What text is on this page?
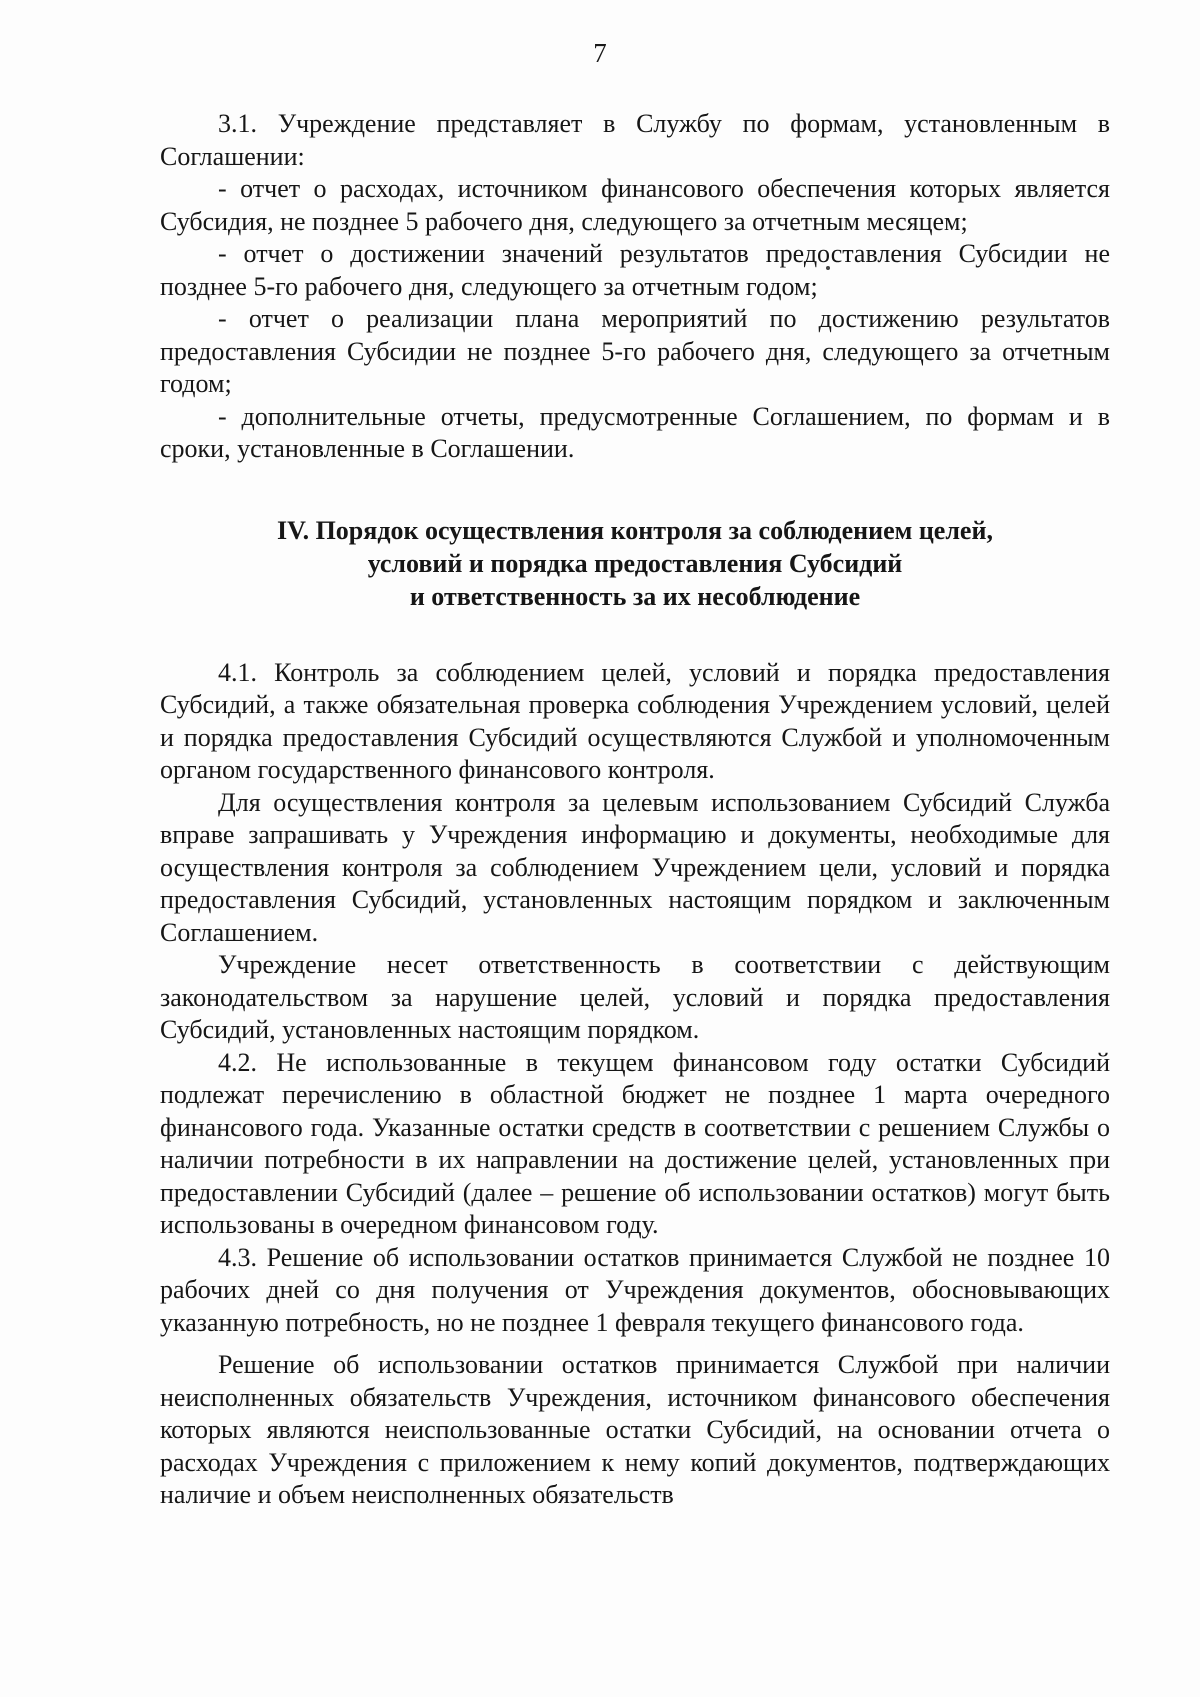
7

3.1. Учреждение представляет в Службу по формам, установленным в Соглашении:

- отчет о расходах, источником финансового обеспечения которых является Субсидия, не позднее 5 рабочего дня, следующего за отчетным месяцем;

- отчет о достижении значений результатов предоставления Субсидии не позднее 5-го рабочего дня, следующего за отчетным годом;

- отчет о реализации плана мероприятий по достижению результатов предоставления Субсидии не позднее 5-го рабочего дня, следующего за отчетным годом;

- дополнительные отчеты, предусмотренные Соглашением, по формам и в сроки, установленные в Соглашении.

IV. Порядок осуществления контроля за соблюдением целей,
условий и порядка предоставления Субсидий
и ответственность за их несоблюдение

4.1. Контроль за соблюдением целей, условий и порядка предоставления Субсидий, а также обязательная проверка соблюдения Учреждением условий, целей и порядка предоставления Субсидий осуществляются Службой и уполномоченным органом государственного финансового контроля.

Для осуществления контроля за целевым использованием Субсидий Служба вправе запрашивать у Учреждения информацию и документы, необходимые для осуществления контроля за соблюдением Учреждением цели, условий и порядка предоставления Субсидий, установленных настоящим порядком и заключенным Соглашением.

Учреждение несет ответственность в соответствии с действующим законодательством за нарушение целей, условий и порядка предоставления Субсидий, установленных настоящим порядком.

4.2. Не использованные в текущем финансовом году остатки Субсидий подлежат перечислению в областной бюджет не позднее 1 марта очередного финансового года. Указанные остатки средств в соответствии с решением Службы о наличии потребности в их направлении на достижение целей, установленных при предоставлении Субсидий (далее – решение об использовании остатков) могут быть использованы в очередном финансовом году.

4.3. Решение об использовании остатков принимается Службой не позднее 10 рабочих дней со дня получения от Учреждения документов, обосновывающих указанную потребность, но не позднее 1 февраля текущего финансового года.

Решение об использовании остатков принимается Службой при наличии неисполненных обязательств Учреждения, источником финансового обеспечения которых являются неиспользованные остатки Субсидий, на основании отчета о расходах Учреждения с приложением к нему копий документов, подтверждающих наличие и объем неисполненных обязательств
